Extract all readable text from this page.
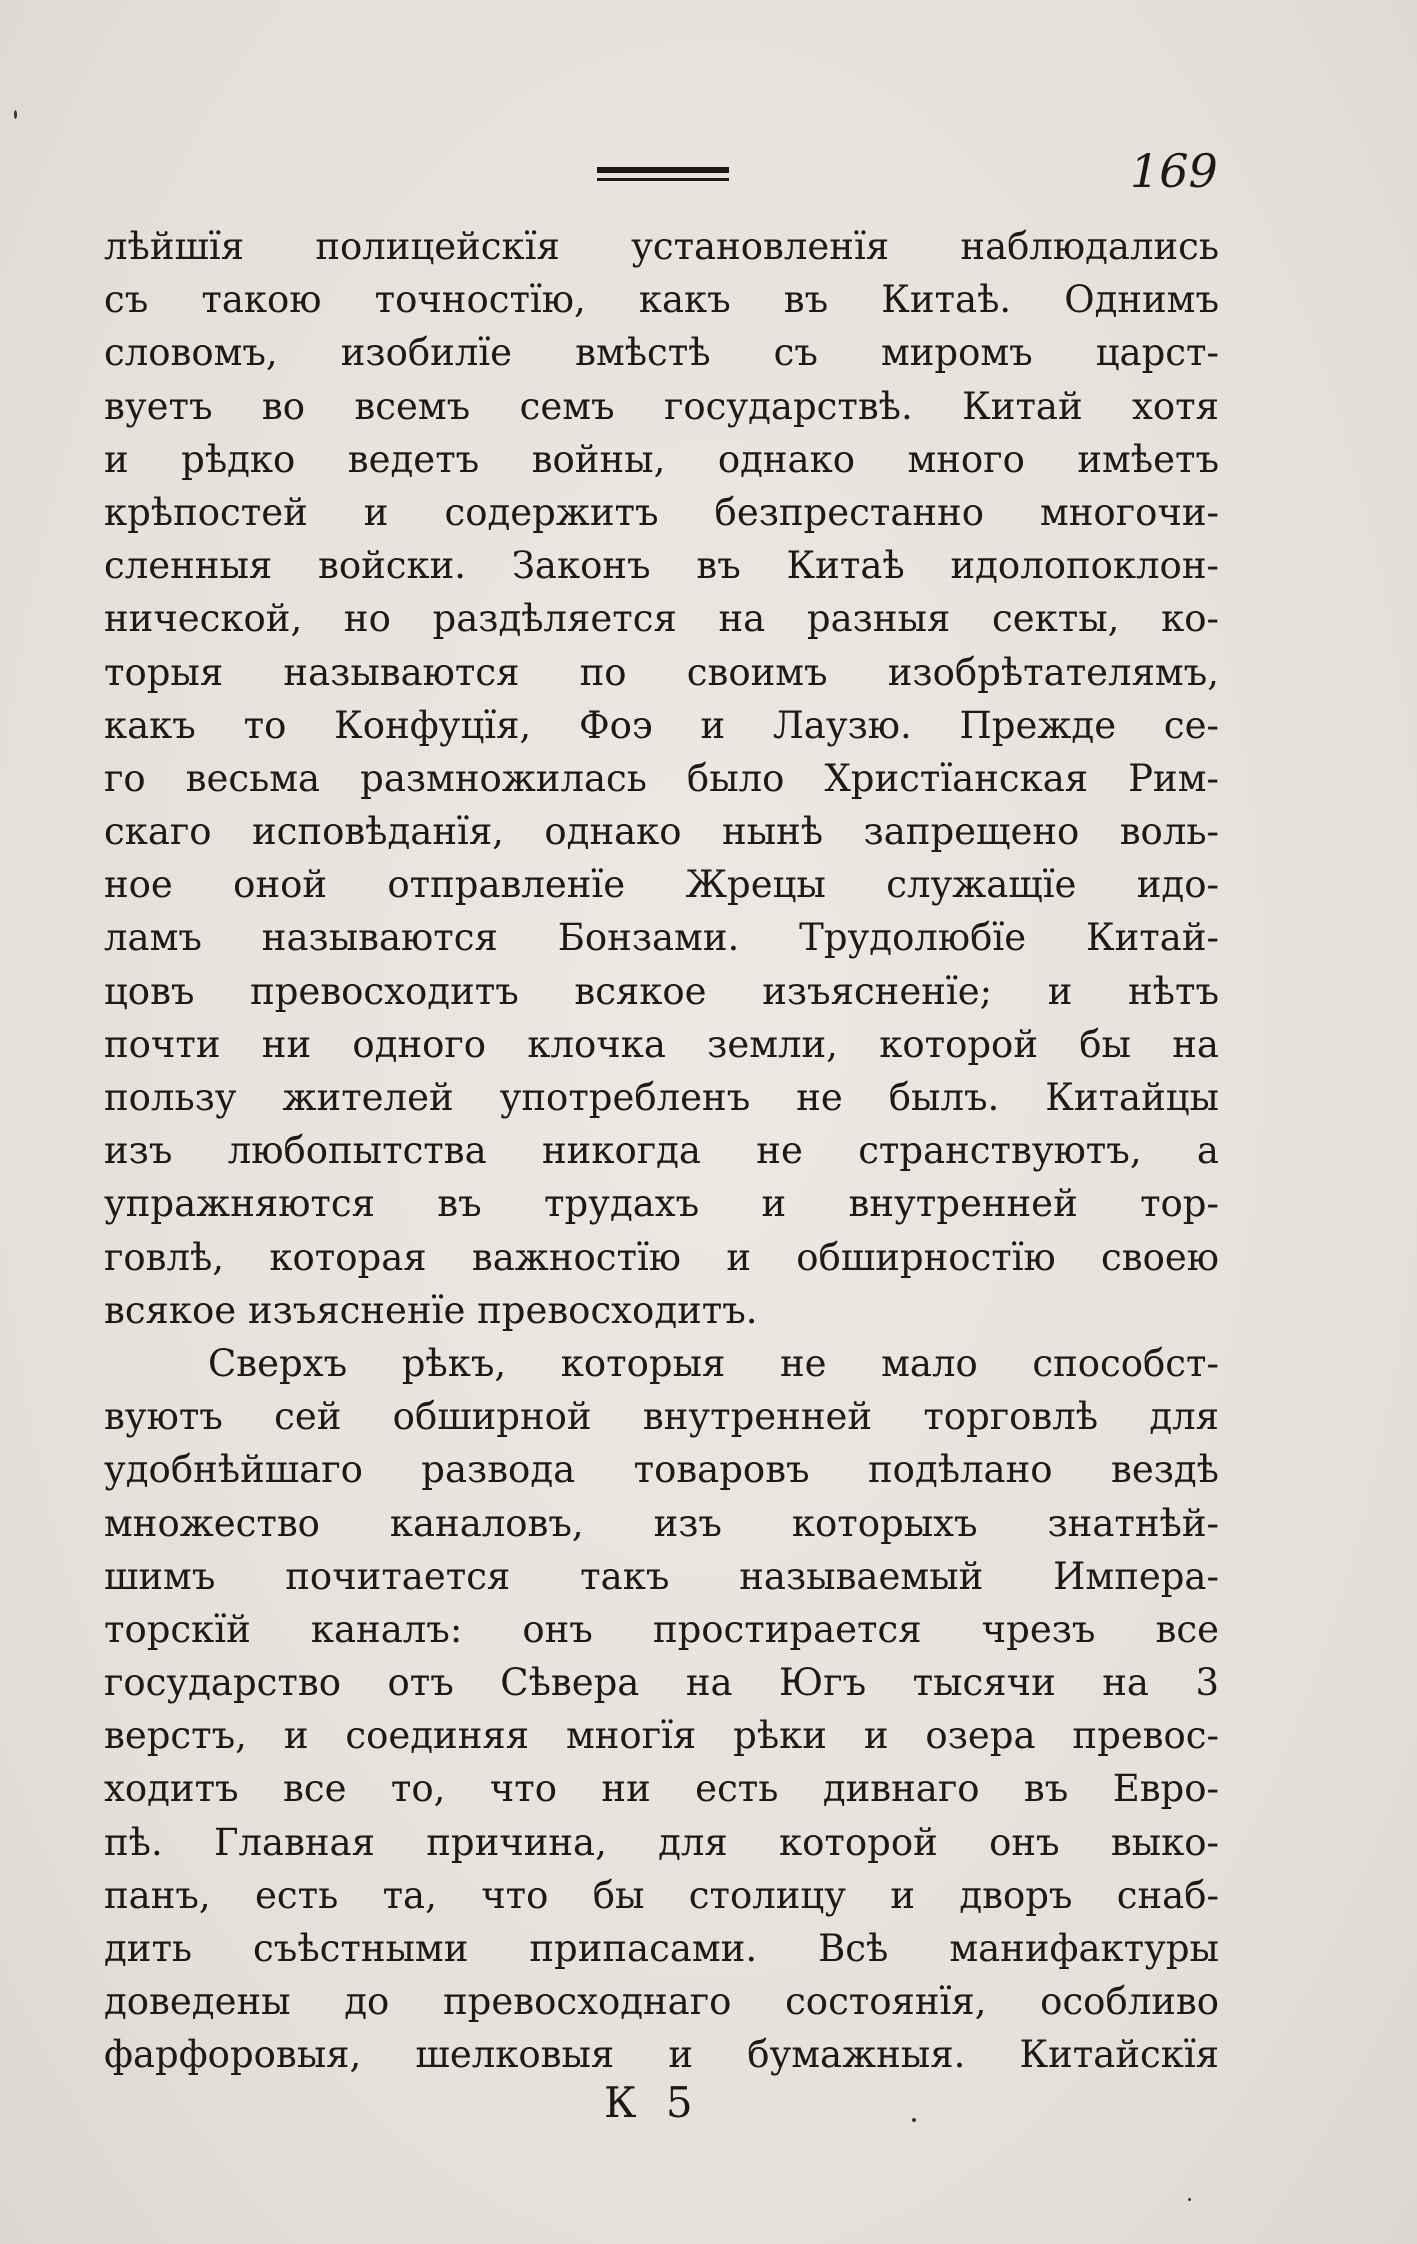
169
лѣйшїя полицейскїя установленїя наблюдались
съ такою точностїю, какъ въ Китаѣ. Однимъ
словомъ, изобилїе вмѣстѣ съ миромъ царст-
вуетъ во всемъ семъ государствѣ. Китай хотя
и рѣдко ведетъ войны, однако много имѣетъ
крѣпостей и содержитъ безпрестанно многочи-
сленныя войски. Законъ въ Китаѣ идолопоклон-
нической, но раздѣляется на разныя секты, ко-
торыя называются по своимъ изобрѣтателямъ,
какъ то Конфуцїя, Фоэ и Лаузю. Прежде се-
го весьма размножилась было Христїанская Рим-
скаго исповѣданїя, однако нынѣ запрещено воль-
ное оной отправленїе Жрецы служащїе идо-
ламъ называются Бонзами. Трудолюбїе Китай-
цовъ превосходитъ всякое изъясненїе; и нѣтъ
почти ни одного клочка земли, которой бы на
пользу жителей употребленъ не былъ. Китайцы
изъ любопытства никогда не странствуютъ, а
упражняются въ трудахъ и внутренней тор-
говлѣ, которая важностїю и обширностїю своею
всякое изъясненїе превосходитъ.
Сверхъ рѣкъ, которыя не мало способст-
вуютъ сей обширной внутренней торговлѣ для
удобнѣйшаго развода товаровъ подѣлано вездѣ
множество каналовъ, изъ которыхъ знатнѣй-
шимъ почитается такъ называемый Импера-
торскїй каналъ: онъ простирается чрезъ все
государство отъ Сѣвера на Югъ тысячи на 3
верстъ, и соединяя многїя рѣки и озера превос-
ходитъ все то, что ни есть дивнаго въ Евро-
пѣ. Главная причина, для которой онъ выко-
панъ, есть та, что бы столицу и дворъ снаб-
дить съѣстными припасами. Всѣ манифактуры
доведены до превосходнаго состоянїя, особливо
фарфоровыя, шелковыя и бумажныя. Китайскїя
К 5
